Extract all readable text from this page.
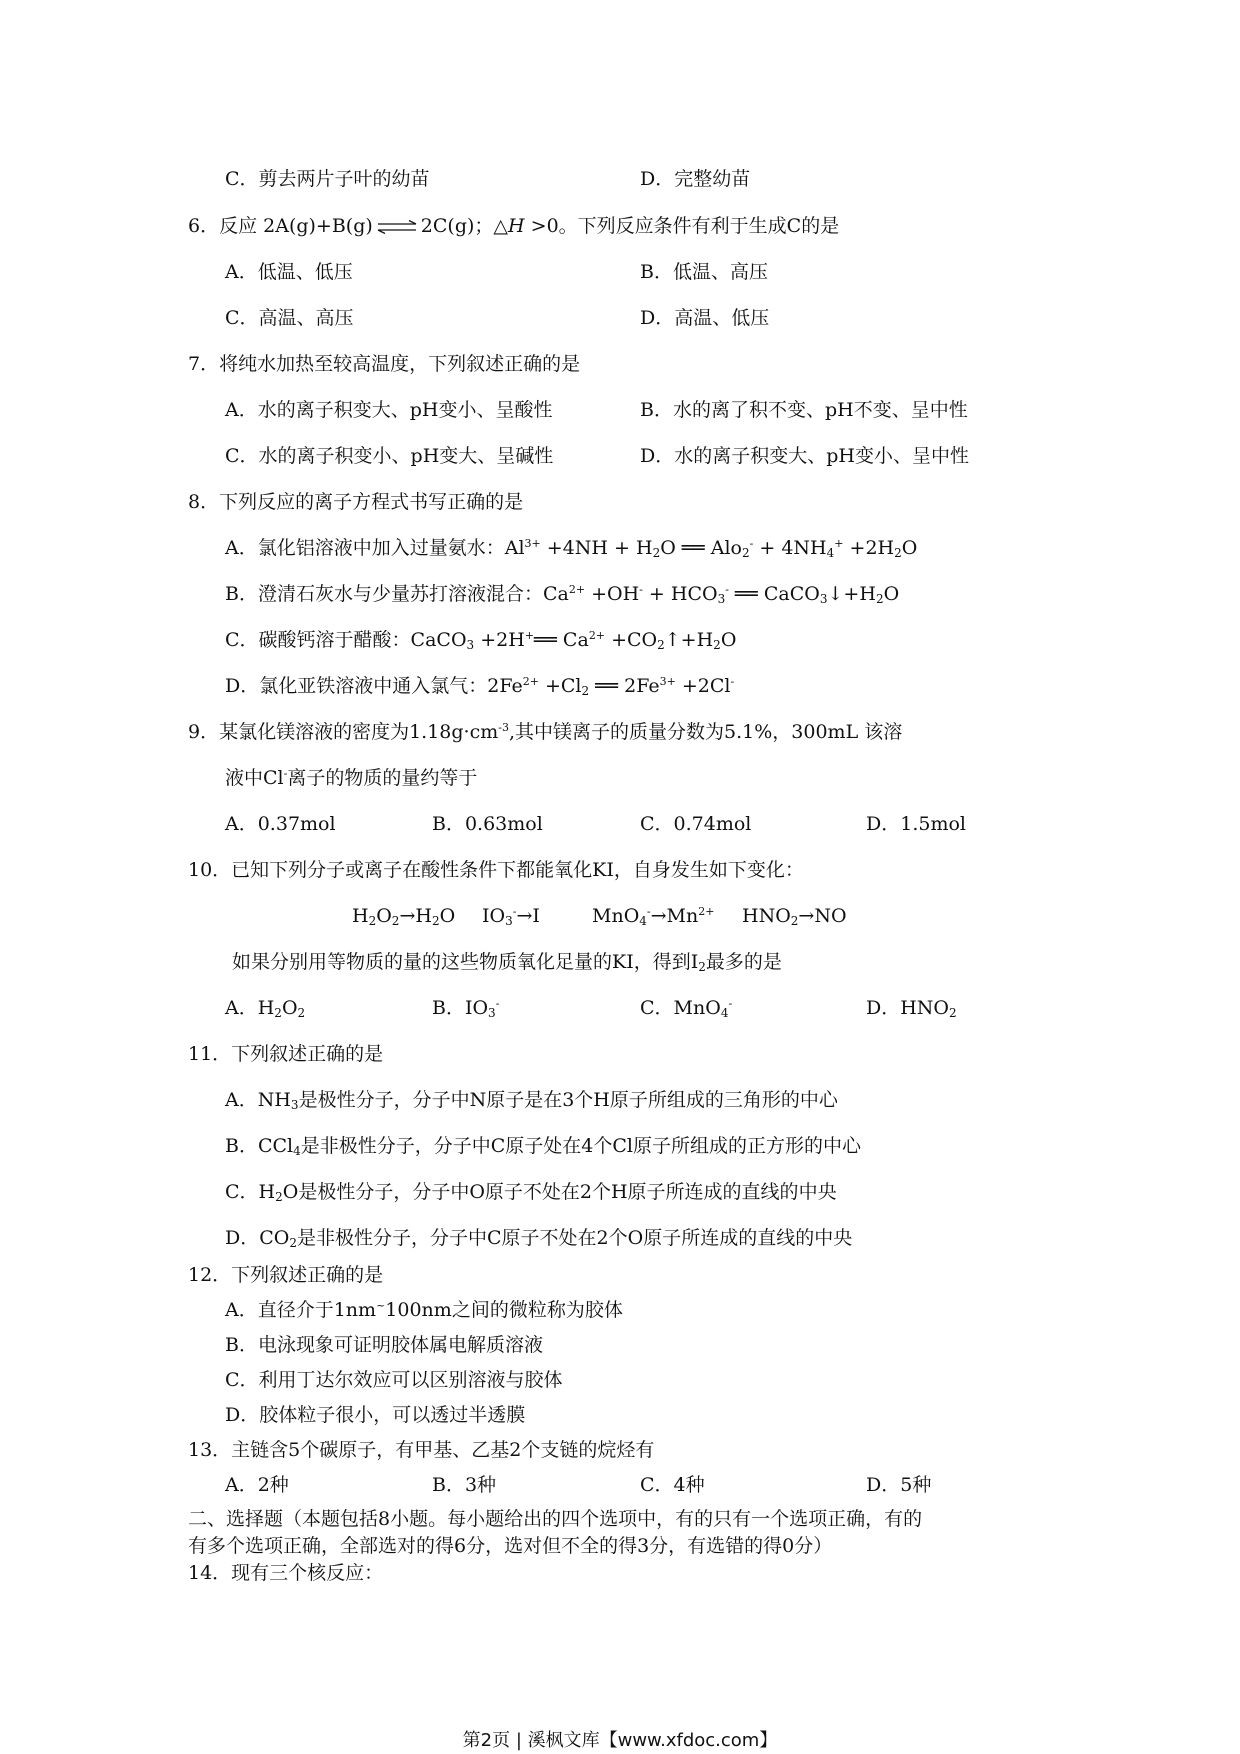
C．剪去两片子叶的幼苗	D．完整幼苗
6．反应 2A(g)+B(g) ⇌ 2C(g)；△H >0。下列反应条件有利于生成C的是
A．低温、低压	B．低温、高压
C．高温、高压	D．高温、低压
7．将纯水加热至较高温度，下列叙述正确的是
A．水的离子积变大、pH变小、呈酸性	B．水的离了积不变、pH不变、呈中性
C．水的离子积变小、pH变大、呈碱性	D．水的离子积变大、pH变小、呈中性
8．下列反应的离子方程式书写正确的是
A．氯化铝溶液中加入过量氨水：$Al^{3+} +4NH + H_2O$ ══ $Alo_2^- + 4NH_4^+ +2H_2O$
B．澄清石灰水与少量苏打溶液混合：$Ca^{2+} +OH^- + HCO_3^-$ ══ $CaCO_3↓+H_2O$
C．碳酸钙溶于醋酸：CaCO$_3$ +2H+══ $Ca^{2+}$ $+CO_2↑+H_2O$
D．氯化亚铁溶液中通入氯气：$2Fe^{2+} +Cl_2$ ══ $2Fe^{3+} +2Cl^-$
9．某氯化镁溶液的密度为$1.18g\cdot cm^{-3}$,其中镁离子的质量分数为5.1%，300mL 该溶
液中Cl-离子的物质的量约等于
A．0.37mol	B．0.63mol	C．0.74mol	D．1.5mol
10．已知下列分子或离子在酸性条件下都能氧化KI，自身发生如下变化：
$H_2O_2\to H_2O$ $IO_3^-\to I$	$MnO_4^-\to Mn^{2+}$ $HNO_2\to NO$
如果分别用等物质的量的这些物质氧化足量的KI，得到$I_2$最多的是
A．$H_2O_2$	B．$IO_3^-$	C．MnO$_4$-	D．$HNO_2$
11．下列叙述正确的是
A．$NH_3$是极性分子，分子中N原子是在3个H原子所组成的三角形的中心
B．CCl$_4$是非极性分子，分子中C原子处在4个Cl原子所组成的正方形的中心
C．$H_2O$是极性分子，分子中O原子不处在2个H原子所连成的直线的中央
D．$CO_2$是非极性分子，分子中C原子不处在2个O原子所连成的直线的中央
12．下列叙述正确的是
A．直径介于1nm~100nm之间的微粒称为胶体
B．电泳现象可证明胶体属电解质溶液
C．利用丁达尔效应可以区别溶液与胶体
D．胶体粒子很小，可以透过半透膜
13．主链含5个碳原子，有甲基、乙基2个支链的烷烃有
A．2种	B．3种	C．4种	D．5种
二、选择题（本题包括8小题。每小题给出的四个选项中，有的只有一个选项正确，有的
有多个选项正确，全部选对的得6分，选对但不全的得3分，有选错的得0分）
14．现有三个核反应：
第2页 | 溪枫文库【www.xfdoc.com】
